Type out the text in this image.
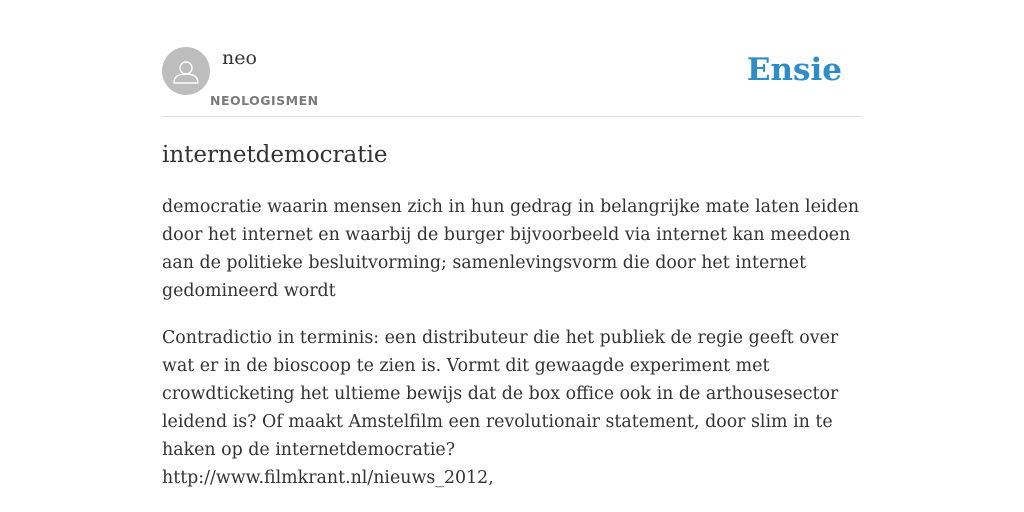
neo
NEOLOGISMEN
Ensie
internetdemocratie

democratie waarin mensen zich in hun gedrag in belangrijke mate laten leiden door het internet en waarbij de burger bijvoorbeeld via internet kan meedoen aan de politieke besluitvorming; samenlevingsvorm die door het internet gedomineerd wordt

Contradictio in terminis: een distributeur die het publiek de regie geeft over wat er in de bioscoop te zien is. Vormt dit gewaagde experiment met crowdticketing het ultieme bewijs dat de box office ook in de arthousesector leidend is? Of maakt Amstelfilm een revolutionair statement, door slim in te haken op de internetdemocratie?

http://www.filmkrant.nl/nieuws_2012,
